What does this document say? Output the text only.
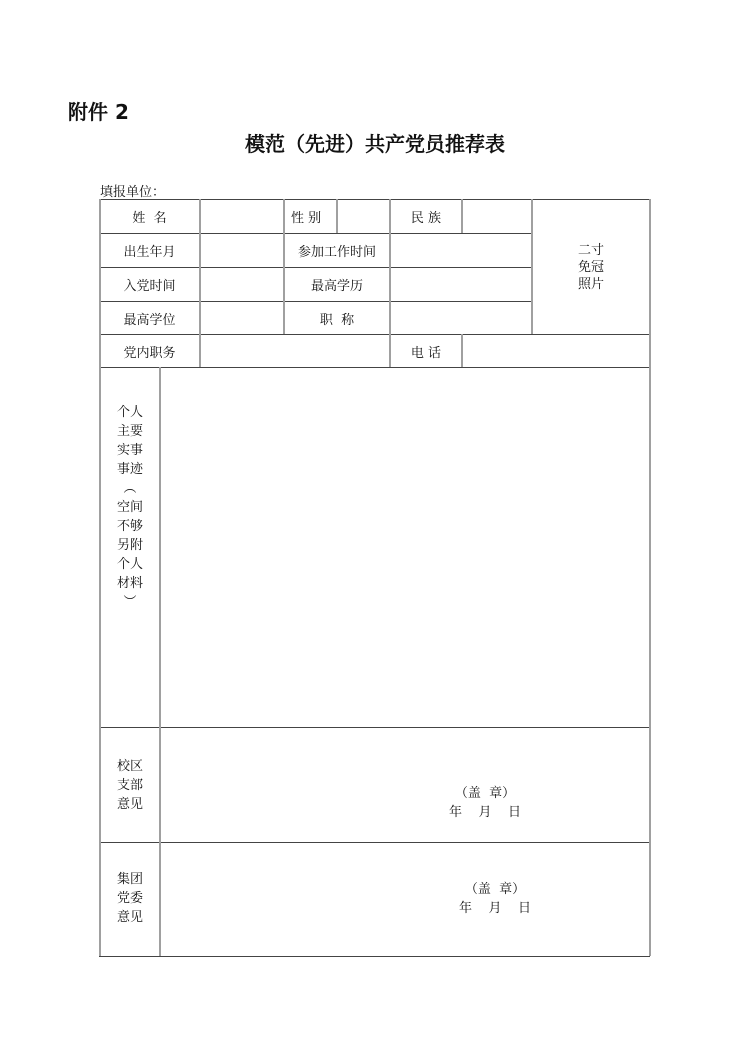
附件 2
模范（先进）共产党员推荐表
填报单位：
姓  名	性 别	民 族
出生年月	参加工作时间
入党时间	最高学历
最高学位	职  称
二寸
免冠
照片
党内职务	电 话
个人
主要
实事
事迹
︵
空间
不够
另附
个人
材料
︶
校区
支部
意见
（盖  章）
年    月    日
集团
党委
意见
（盖  章）
年    月    日
